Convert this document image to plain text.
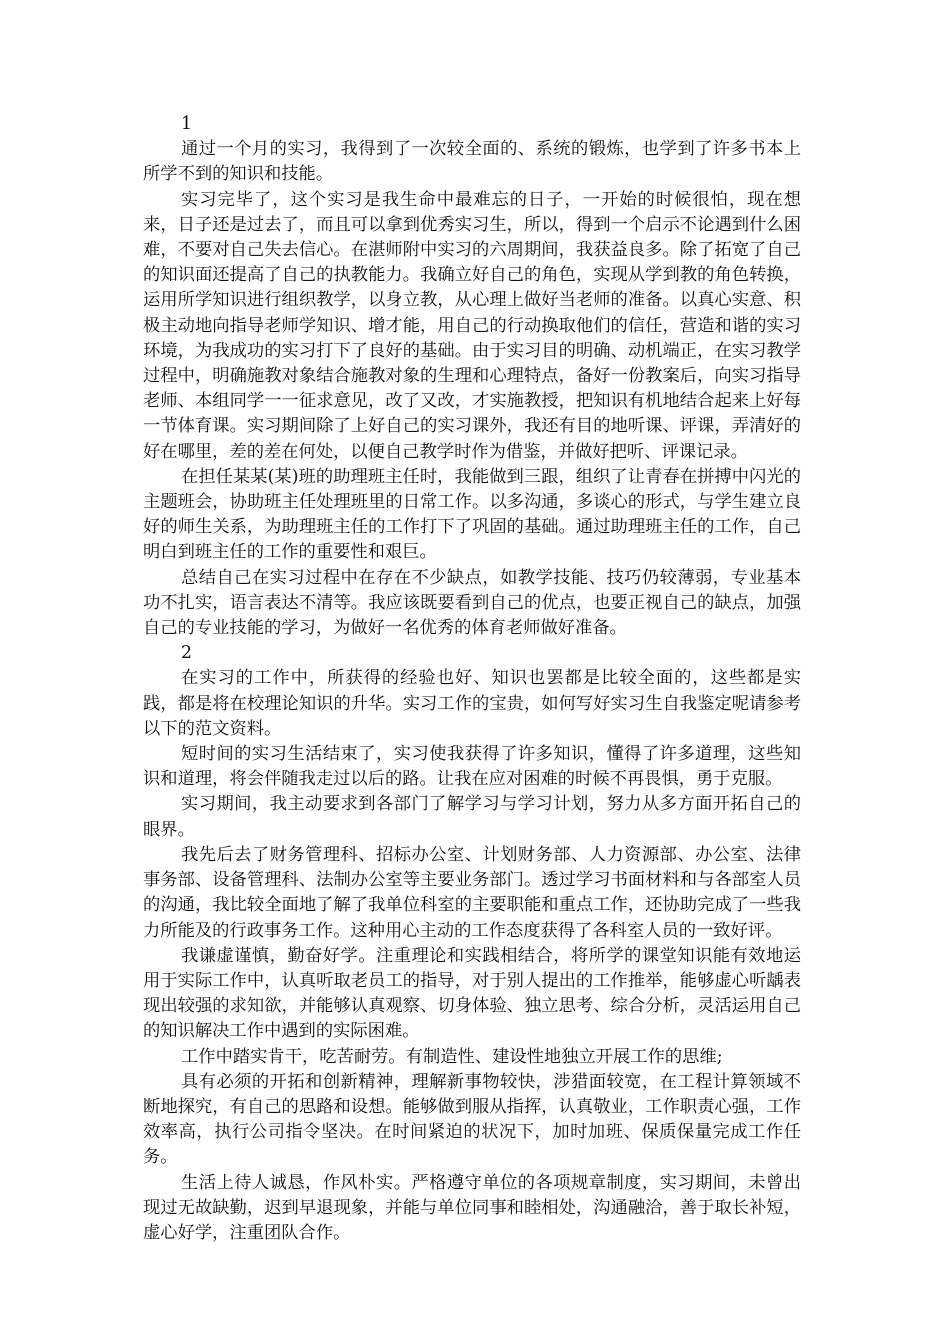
1

通过一个月的实习，我得到了一次较全面的、系统的锻炼，也学到了许多书本上所学不到的知识和技能。

实习完毕了，这个实习是我生命中最难忘的日子，一开始的时候很怕，现在想来，日子还是过去了，而且可以拿到优秀实习生，所以，得到一个启示不论遇到什么困难，不要对自己失去信心。在湛师附中实习的六周期间，我获益良多。除了拓宽了自己的知识面还提高了自己的执教能力。我确立好自己的角色，实现从学到教的角色转换，运用所学知识进行组织教学，以身立教，从心理上做好当老师的准备。以真心实意、积极主动地向指导老师学知识、增才能，用自己的行动换取他们的信任，营造和谐的实习环境，为我成功的实习打下了良好的基础。由于实习目的明确、动机端正，在实习教学过程中，明确施教对象结合施教对象的生理和心理特点，备好一份教案后，向实习指导老师、本组同学一一征求意见，改了又改，才实施教授，把知识有机地结合起来上好每一节体育课。实习期间除了上好自己的实习课外，我还有目的地听课、评课，弄清好的好在哪里，差的差在何处，以便自己教学时作为借鉴，并做好把听、评课记录。

在担任某某(某)班的助理班主任时，我能做到三跟，组织了让青春在拼搏中闪光的主题班会，协助班主任处理班里的日常工作。以多沟通，多谈心的形式，与学生建立良好的师生关系，为助理班主任的工作打下了巩固的基础。通过助理班主任的工作，自己明白到班主任的工作的重要性和艰巨。

总结自己在实习过程中在存在不少缺点，如教学技能、技巧仍较薄弱，专业基本功不扎实，语言表达不清等。我应该既要看到自己的优点，也要正视自己的缺点，加强自己的专业技能的学习，为做好一名优秀的体育老师做好准备。

2

在实习的工作中，所获得的经验也好、知识也罢都是比较全面的，这些都是实践，都是将在校理论知识的升华。实习工作的宝贵，如何写好实习生自我鉴定呢请参考以下的范文资料。

短时间的实习生活结束了，实习使我获得了许多知识，懂得了许多道理，这些知识和道理，将会伴随我走过以后的路。让我在应对困难的时候不再畏惧，勇于克服。

实习期间，我主动要求到各部门了解学习与学习计划，努力从多方面开拓自己的眼界。

我先后去了财务管理科、招标办公室、计划财务部、人力资源部、办公室、法律事务部、设备管理科、法制办公室等主要业务部门。透过学习书面材料和与各部室人员的沟通，我比较全面地了解了我单位科室的主要职能和重点工作，还协助完成了一些我力所能及的行政事务工作。这种用心主动的工作态度获得了各科室人员的一致好评。

我谦虚谨慎，勤奋好学。注重理论和实践相结合，将所学的课堂知识能有效地运用于实际工作中，认真听取老员工的指导，对于别人提出的工作推举，能够虚心听龋表现出较强的求知欲，并能够认真观察、切身体验、独立思考、综合分析，灵活运用自己的知识解决工作中遇到的实际困难。

工作中踏实肯干，吃苦耐劳。有制造性、建设性地独立开展工作的思维;

具有必须的开拓和创新精神，理解新事物较快，涉猎面较宽，在工程计算领域不断地探究，有自己的思路和设想。能够做到服从指挥，认真敬业，工作职责心强，工作效率高，执行公司指令坚决。在时间紧迫的状况下，加时加班、保质保量完成工作任务。

生活上待人诚恳，作风朴实。严格遵守单位的各项规章制度，实习期间，未曾出现过无故缺勤，迟到早退现象，并能与单位同事和睦相处，沟通融洽，善于取长补短，虚心好学，注重团队合作。
